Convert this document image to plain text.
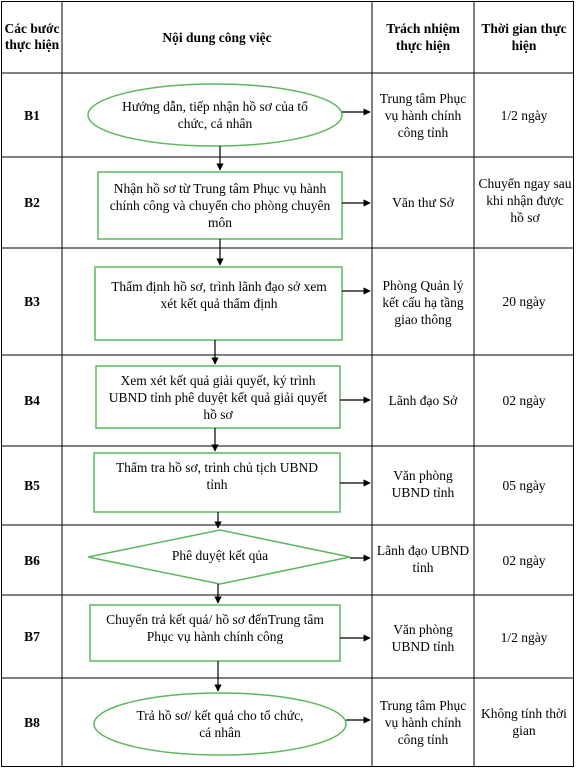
Các bước thực hiện	Nội dung công việc
Trách nhiệm thực hiện
Thời gian thực hiện
B1
B2
B3
B4
B5
B6
B7
B8
Hướng dẫn, tiếp nhận hồ sơ của tổ chức, cá nhân
Nhận hồ sơ từ Trung tâm Phục vụ hành chính công và chuyển cho phòng chuyên môn
Thẩm định hồ sơ, trình lãnh đạo sở xem xét kết quả thẩm định
Xem xét kết quả giải quyết, ký trình UBND tỉnh phê duyệt kết quả giải quyết hồ sơ
Thẩm tra hồ sơ, trình chủ tịch UBND tỉnh
Phê duyệt kết qủa
Chuyển trả kết quả/ hồ sơ đếnTrung tâm Phục vụ hành chính công
Trả hồ sơ/ kết quả cho tổ chức, cá nhân
Trung tâm Phục vụ hành chính công tỉnh
Văn thư Sở
Phòng Quản lý kết cấu hạ tầng giao thông
Lãnh đạo Sở
Văn phòng UBND tỉnh
Lãnh đạo UBND tỉnh
Văn phòng UBND tỉnh
Trung tâm Phục vụ hành chính công tỉnh
1/2 ngày
Chuyển ngay sau khi nhận được hồ sơ
20 ngày
02 ngày
05 ngày
02 ngày
1/2 ngày
Không tính thời gian
